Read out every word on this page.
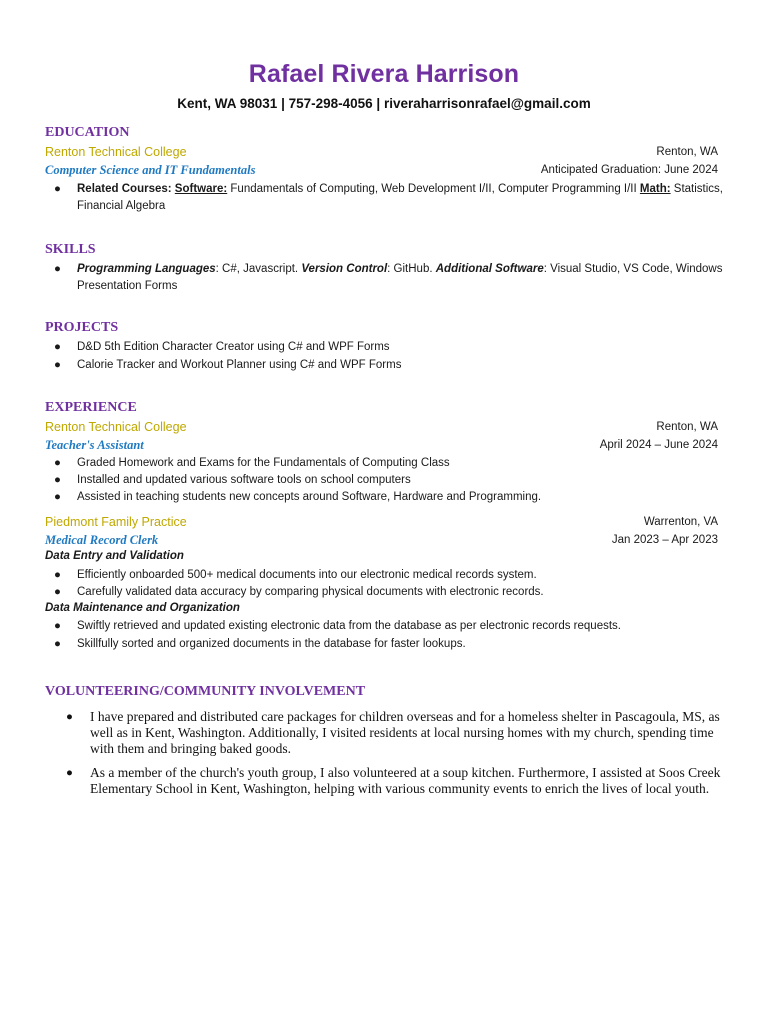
Rafael Rivera Harrison
Kent, WA 98031 | 757-298-4056 | riveraharrisonrafael@gmail.com
EDUCATION
Renton Technical College	Renton, WA
Computer Science and IT Fundamentals	Anticipated Graduation: June 2024
● Related Courses: Software: Fundamentals of Computing, Web Development I/II, Computer Programming I/II Math: Statistics, Financial Algebra
SKILLS
● Programming Languages: C#, Javascript. Version Control: GitHub. Additional Software: Visual Studio, VS Code, Windows Presentation Forms
PROJECTS
● D&D 5th Edition Character Creator using C# and WPF Forms
● Calorie Tracker and Workout Planner using C# and WPF Forms
EXPERIENCE
Renton Technical College	Renton, WA
Teacher's Assistant	April 2024 – June 2024
● Graded Homework and Exams for the Fundamentals of Computing Class
● Installed and updated various software tools on school computers
● Assisted in teaching students new concepts around Software, Hardware and Programming.
Piedmont Family Practice	Warrenton, VA
Medical Record Clerk	Jan 2023 – Apr 2023
Data Entry and Validation
● Efficiently onboarded 500+ medical documents into our electronic medical records system.
● Carefully validated data accuracy by comparing physical documents with electronic records.
Data Maintenance and Organization
● Swiftly retrieved and updated existing electronic data from the database as per electronic records requests.
● Skillfully sorted and organized documents in the database for faster lookups.
VOLUNTEERING/COMMUNITY INVOLVEMENT
● I have prepared and distributed care packages for children overseas and for a homeless shelter in Pascagoula, MS, as well as in Kent, Washington. Additionally, I visited residents at local nursing homes with my church, spending time with them and bringing baked goods.
● As a member of the church's youth group, I also volunteered at a soup kitchen. Furthermore, I assisted at Soos Creek Elementary School in Kent, Washington, helping with various community events to enrich the lives of local youth.
